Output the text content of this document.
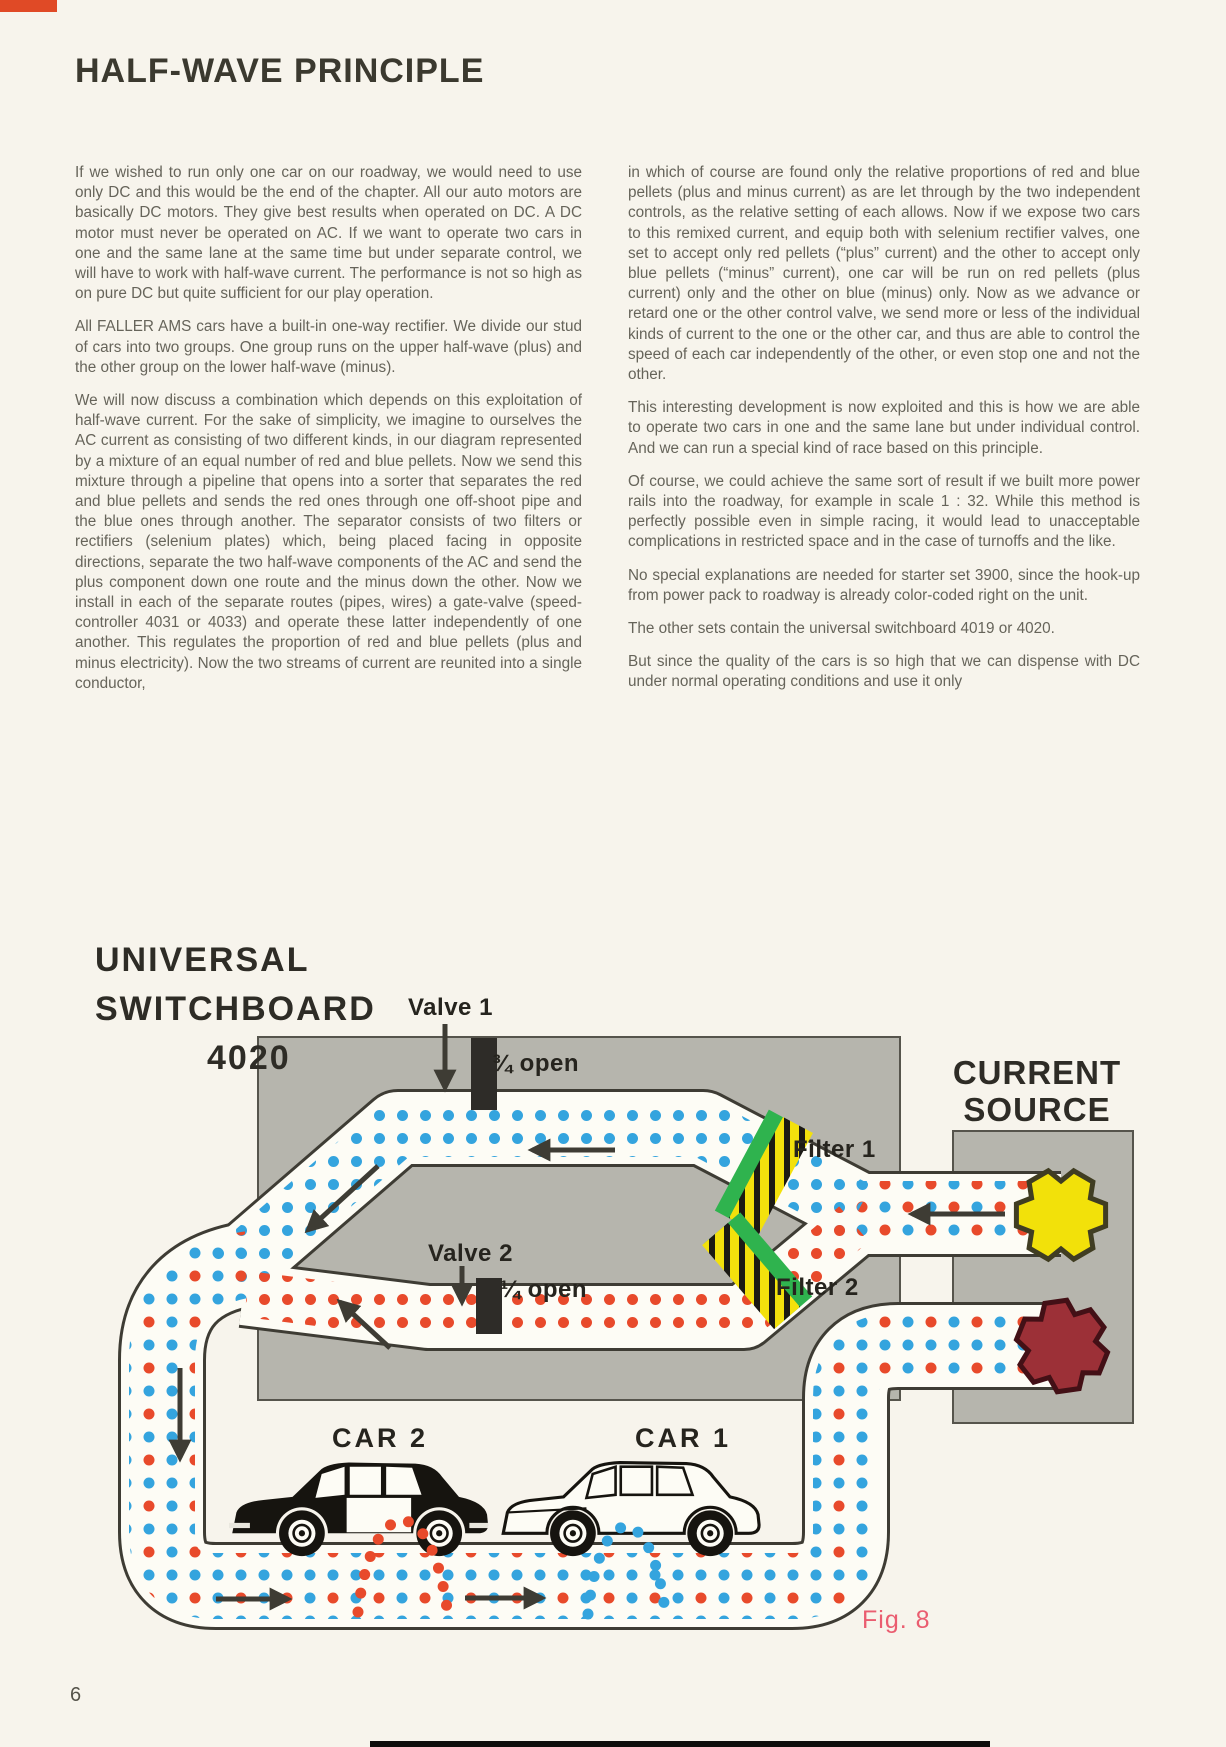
HALF-WAVE PRINCIPLE

If we wished to run only one car on our roadway, we would need to use only DC and this would be the end of the chapter. All our auto motors are basically DC motors. They give best results when operated on DC. A DC motor must never be operated on AC. If we want to operate two cars in one and the same lane at the same time but under separate control, we will have to work with half-wave current. The performance is not so high as on pure DC but quite sufficient for our play operation.

All FALLER AMS cars have a built-in one-way rectifier. We divide our stud of cars into two groups. One group runs on the upper half-wave (plus) and the other group on the lower half-wave (minus).

We will now discuss a combination which depends on this exploitation of half-wave current. For the sake of simplicity, we imagine to ourselves the AC current as consisting of two different kinds, in our diagram represented by a mixture of an equal number of red and blue pellets. Now we send this mixture through a pipeline that opens into a sorter that separates the red and blue pellets and sends the red ones through one off-shoot pipe and the blue ones through another. The separator consists of two filters or rectifiers (selenium plates) which, being placed facing in opposite directions, separate the two half-wave components of the AC and send the plus component down one route and the minus down the other. Now we install in each of the separate routes (pipes, wires) a gate-valve (speed-controller 4031 or 4033) and operate these latter independently of one another. This regulates the proportion of red and blue pellets (plus and minus electricity). Now the two streams of current are reunited into a single conductor,

in which of course are found only the relative proportions of red and blue pellets (plus and minus current) as are let through by the two independent controls, as the relative setting of each allows. Now if we expose two cars to this remixed current, and equip both with selenium rectifier valves, one set to accept only red pellets (“plus” current) and the other to accept only blue pellets (“minus” current), one car will be run on red pellets (plus current) only and the other on blue (minus) only. Now as we advance or retard one or the other control valve, we send more or less of the individual kinds of current to the one or the other car, and thus are able to control the speed of each car independently of the other, or even stop one and not the other.

This interesting development is now exploited and this is how we are able to operate two cars in one and the same lane but under individual control. And we can run a special kind of race based on this principle.

Of course, we could achieve the same sort of result if we built more power rails into the roadway, for example in scale 1 : 32. While this method is perfectly possible even in simple racing, it would lead to unacceptable complications in restricted space and in the case of turnoffs and the like.

No special explanations are needed for starter set 3900, since the hook-up from power pack to roadway is already color-coded right on the unit.

The other sets contain the universal switchboard 4019 or 4020.

But since the quality of the cars is so high that we can dispense with DC under normal operating conditions and use it only

UNIVERSAL
SWITCHBOARD
4020	CURRENT
SOURCE
Valve 1
¾ open
Valve 2
¼ open
Filter 1
Filter 2
CAR 2	CAR 1
Fig. 8
6
